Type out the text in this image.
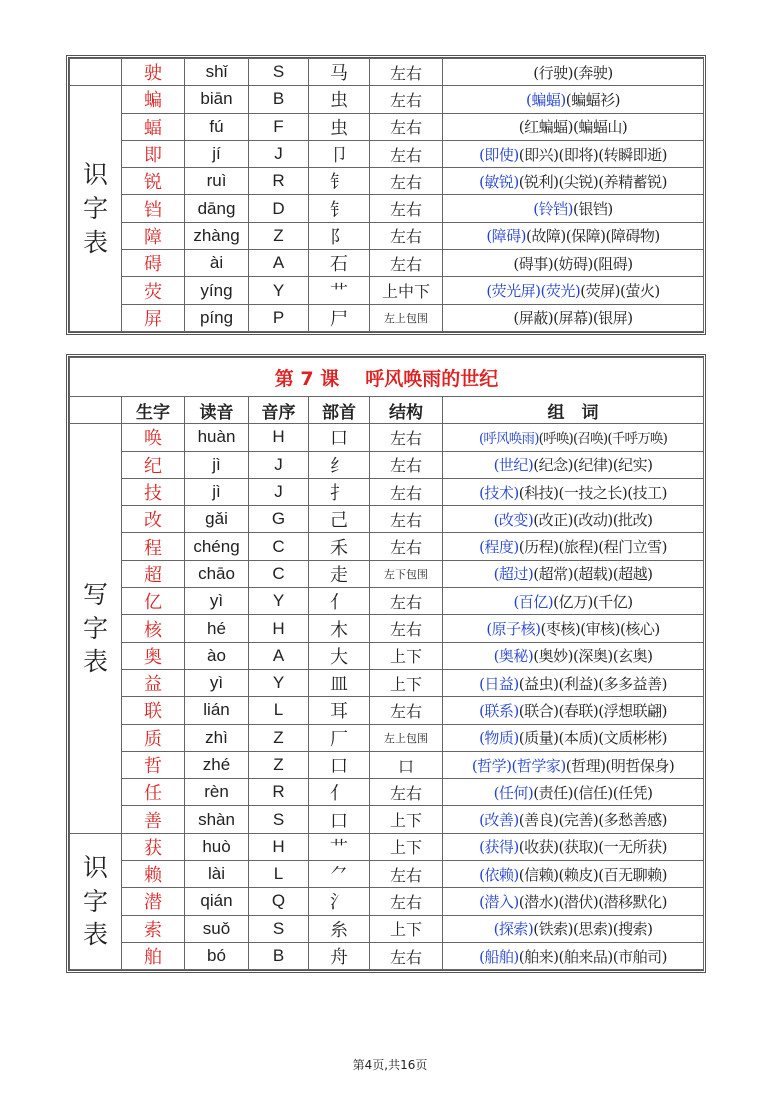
	驶	shǐ	S	马	左右	(行驶)(奔驶)

识
字
表	蝙	biān	B	虫	左右	(蝙蝠)(蝙蝠衫)
	蝠	fú	F	虫	左右	(红蝙蝠)(蝙蝠山)
	即	jí	J	卩	左右	(即使)(即兴)(即将)(转瞬即逝)
	锐	ruì	R	钅	左右	(敏锐)(锐利)(尖锐)(养精蓄锐)
	铛	dāng	D	钅	左右	(铃铛)(银铛)
	障	zhàng	Z	阝	左右	(障碍)(故障)(保障)(障碍物)
	碍	ài	A	石	左右	(碍事)(妨碍)(阻碍)
	荧	yíng	Y	艹	上中下	(荧光屏)(荧光)(荧屏)(萤火)
	屏	píng	P	尸	左上包围	(屏蔽)(屏幕)(银屏)
第 7 课 呼风唤雨的世纪						
	生字	读音	音序	部首	结构	组　词

写
字
表	唤	huàn	H	口	左右	(呼风唤雨)(呼唤)(召唤)(千呼万唤)
	纪	jì	J	纟	左右	(世纪)(纪念)(纪律)(纪实)
	技	jì	J	扌	左右	(技术)(科技)(一技之长)(技工)
	改	gǎi	G	己	左右	(改变)(改正)(改动)(批改)
	程	chéng	C	禾	左右	(程度)(历程)(旅程)(程门立雪)
	超	chāo	C	走	左下包围	(超过)(超常)(超载)(超越)
	亿	yì	Y	亻	左右	(百亿)(亿万)(千亿)
	核	hé	H	木	左右	(原子核)(枣核)(审核)(核心)
	奥	ào	A	大	上下	(奥秘)(奥妙)(深奥)(玄奥)
	益	yì	Y	皿	上下	(日益)(益虫)(利益)(多多益善)
	联	lián	L	耳	左右	(联系)(联合)(春联)(浮想联翩)
	质	zhì	Z	厂	左上包围	(物质)(质量)(本质)(文质彬彬)
	哲	zhé	Z	口	口	(哲学)(哲学家)(哲理)(明哲保身)
	任	rèn	R	亻	左右	(任何)(责任)(信任)(任凭)
	善	shàn	S	口	上下	(改善)(善良)(完善)(多愁善感)

识
字
表	获	huò	H	艹	上下	(获得)(收获)(获取)(一无所获)
	赖	lài	L	⺈	左右	(依赖)(信赖)(赖皮)(百无聊赖)
	潜	qián	Q	氵	左右	(潜入)(潜水)(潜伏)(潜移默化)
	索	suǒ	S	糸	上下	(探索)(铁索)(思索)(搜索)
	舶	bó	B	舟	左右	(船舶)(舶来)(舶来品)(市舶司)
第4页,共16页
